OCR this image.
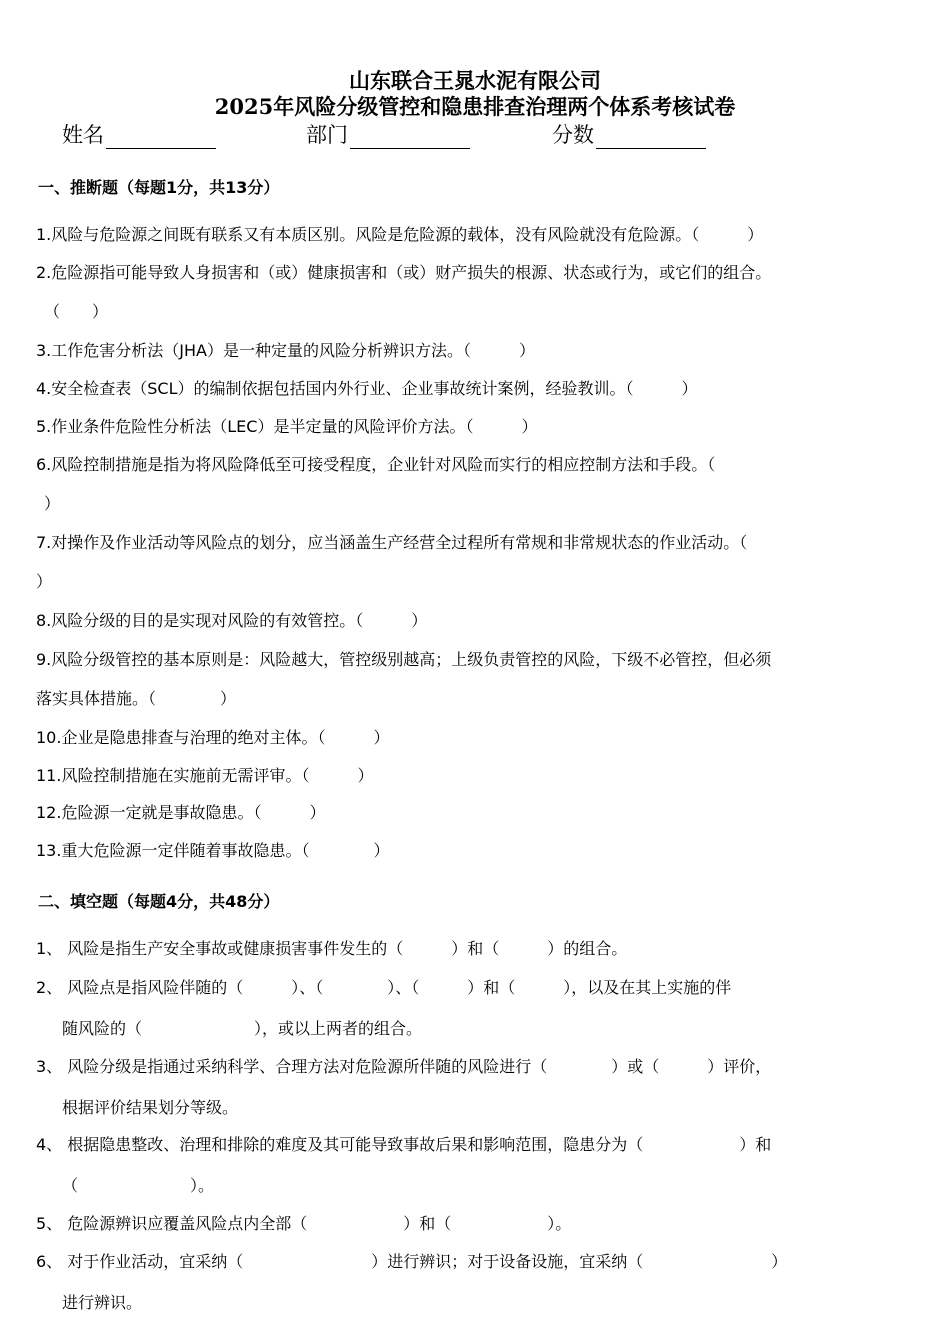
山东联合王晁水泥有限公司
2025年风险分级管控和隐患排查治理两个体系考核试卷
姓名	部门	分数
一、推断题（每题1分，共13分）
1.风险与危险源之间既有联系又有本质区别。风险是危险源的载体，没有风险就没有危险源。（　　　）
2.危险源指可能导致人身损害和（或）健康损害和（或）财产损失的根源、状态或行为，或它们的组合。
（　　）
3.工作危害分析法（JHA）是一种定量的风险分析辨识方法。（　　　）
4.安全检查表（SCL）的编制依据包括国内外行业、企业事故统计案例，经验教训。（　　　）
5.作业条件危险性分析法（LEC）是半定量的风险评价方法。（　　　）
6.风险控制措施是指为将风险降低至可接受程度，企业针对风险而实行的相应控制方法和手段。（
）
7.对操作及作业活动等风险点的划分，应当涵盖生产经营全过程所有常规和非常规状态的作业活动。（
）
8.风险分级的目的是实现对风险的有效管控。（　　　）
9.风险分级管控的基本原则是：风险越大，管控级别越高；上级负责管控的风险，下级不必管控，但必须
落实具体措施。（　　　　）
10.企业是隐患排查与治理的绝对主体。（　　　）
11.风险控制措施在实施前无需评审。（　　　）
12.危险源一定就是事故隐患。（　　　）
13.重大危险源一定伴随着事故隐患。（　　　　）
二、填空题（每题4分，共48分）
1、 风险是指生产安全事故或健康损害事件发生的（　　　）和（　　　）的组合。
2、 风险点是指风险伴随的（　　　）、（　　　　）、（　　　）和（　　　），以及在其上实施的伴
随风险的（　　　　　　　），或以上两者的组合。
3、 风险分级是指通过采纳科学、合理方法对危险源所伴随的风险进行（　　　　）或（　　　）评价，
根据评价结果划分等级。
4、 根据隐患整改、治理和排除的难度及其可能导致事故后果和影响范围，隐患分为（　　　　　　）和
（　　　　　　　）。
5、 危险源辨识应覆盖风险点内全部（　　　　　　）和（　　　　　　）。
6、 对于作业活动，宜采纳（　　　　　　　　）进行辨识；对于设备设施，宜采纳（　　　　　　　　）
进行辨识。
